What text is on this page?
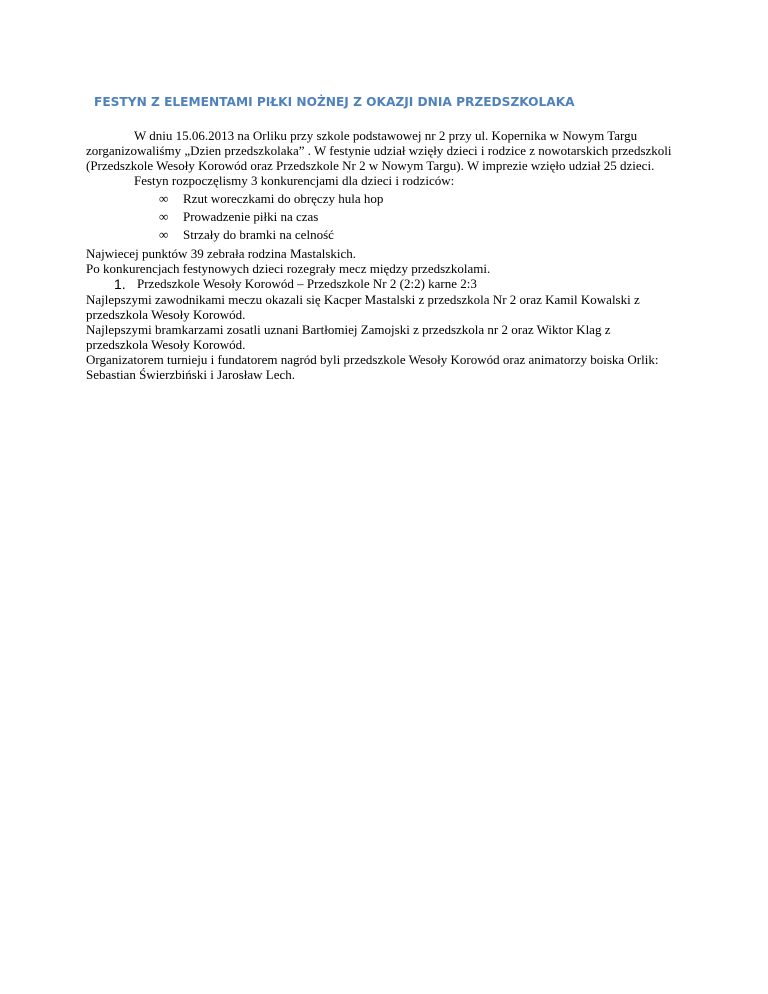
FESTYN Z ELEMENTAMI PIŁKI NOŻNEJ Z OKAZJI DNIA PRZEDSZKOLAKA

W dniu 15.06.2013 na Orliku przy szkole podstawowej nr 2 przy ul. Kopernika w Nowym Targu

zorganizowaliśmy „Dzien przedszkolaka” . W festynie udział wzięły dzieci i rodzice z nowotarskich przedszkoli

(Przedszkole Wesoły Korowód oraz Przedszkole Nr 2 w Nowym Targu). W imprezie wzięło udział 25 dzieci.

Festyn rozpoczęlismy 3 konkurencjami dla dzieci i rodziców:

∞ Rzut woreczkami do obręczy hula hop
∞ Prowadzenie piłki na czas
∞ Strzały do bramki na celność

Najwiecej punktów 39 zebrała rodzina Mastalskich.

Po konkurencjach festynowych dzieci rozegrały mecz między przedszkolami.

1. Przedszkole Wesoły Korowód – Przedszkole Nr 2 (2:2) karne 2:3

Najlepszymi zawodnikami meczu okazali się Kacper Mastalski z przedszkola Nr 2 oraz Kamil Kowalski z

przedszkola Wesoły Korowód.

Najlepszymi bramkarzami zosatli uznani Bartłomiej Zamojski z przedszkola nr 2 oraz Wiktor Klag z

przedszkola Wesoły Korowód.

Organizatorem turnieju i fundatorem nagród byli przedszkole Wesoły Korowód oraz animatorzy boiska Orlik:

Sebastian Świerzbiński i Jarosław Lech.
